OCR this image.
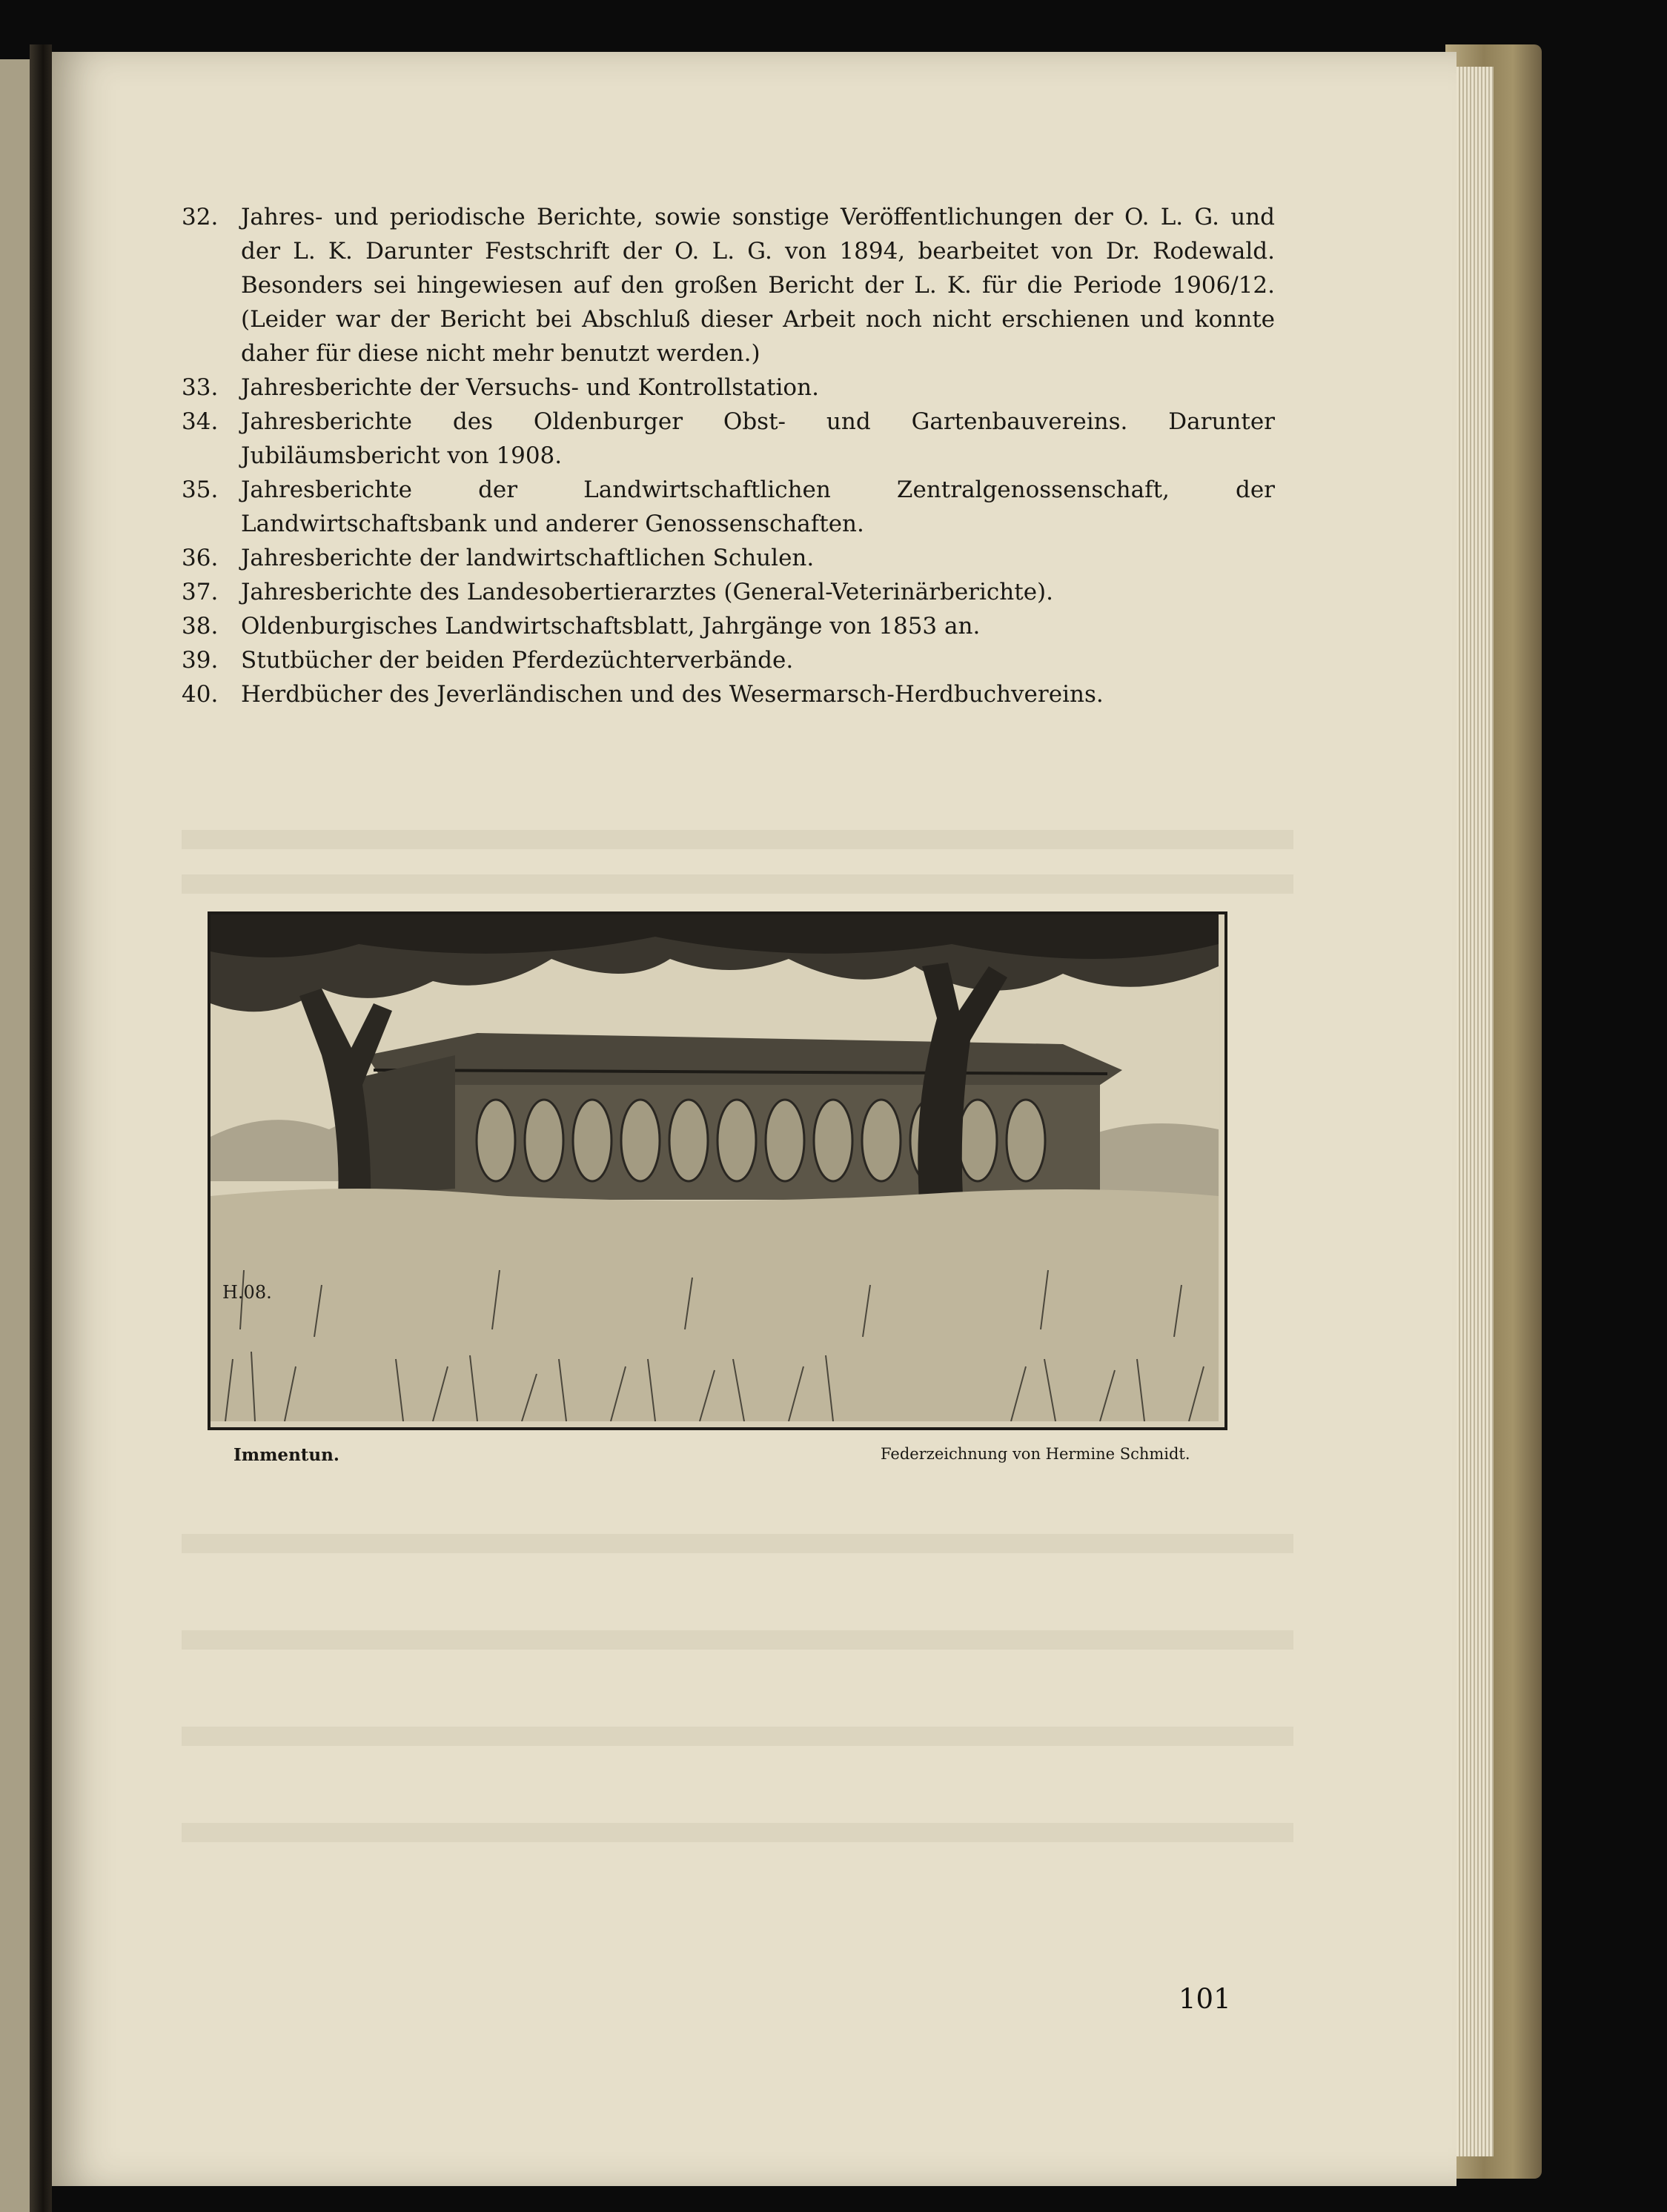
32. Jahres- und periodische Berichte, sowie sonstige Veröffentlichungen der O. L. G. und der L. K. Darunter Festschrift der O. L. G. von 1894, bearbeitet von Dr. Rodewald. Besonders sei hingewiesen auf den großen Bericht der L. K. für die Periode 1906/12. (Leider war der Bericht bei Abschluß dieser Arbeit noch nicht erschienen und konnte daher für diese nicht mehr benutzt werden.)
33. Jahresberichte der Versuchs- und Kontrollstation.
34. Jahresberichte des Oldenburger Obst- und Gartenbauvereins. Darunter Jubiläumsbericht von 1908.
35. Jahresberichte der Landwirtschaftlichen Zentralgenossenschaft, der Landwirtschaftsbank und anderer Genossenschaften.
36. Jahresberichte der landwirtschaftlichen Schulen.
37. Jahresberichte des Landesobertierarztes (General-Veterinärberichte).
38. Oldenburgisches Landwirtschaftsblatt, Jahrgänge von 1853 an.
39. Stutbücher der beiden Pferdezüchterverbände.
40. Herdbücher des Jeverländischen und des Wesermarsch-Herdbuchvereins.
H.08.
Immentun.	Federzeichnung von Hermine Schmidt.
101
